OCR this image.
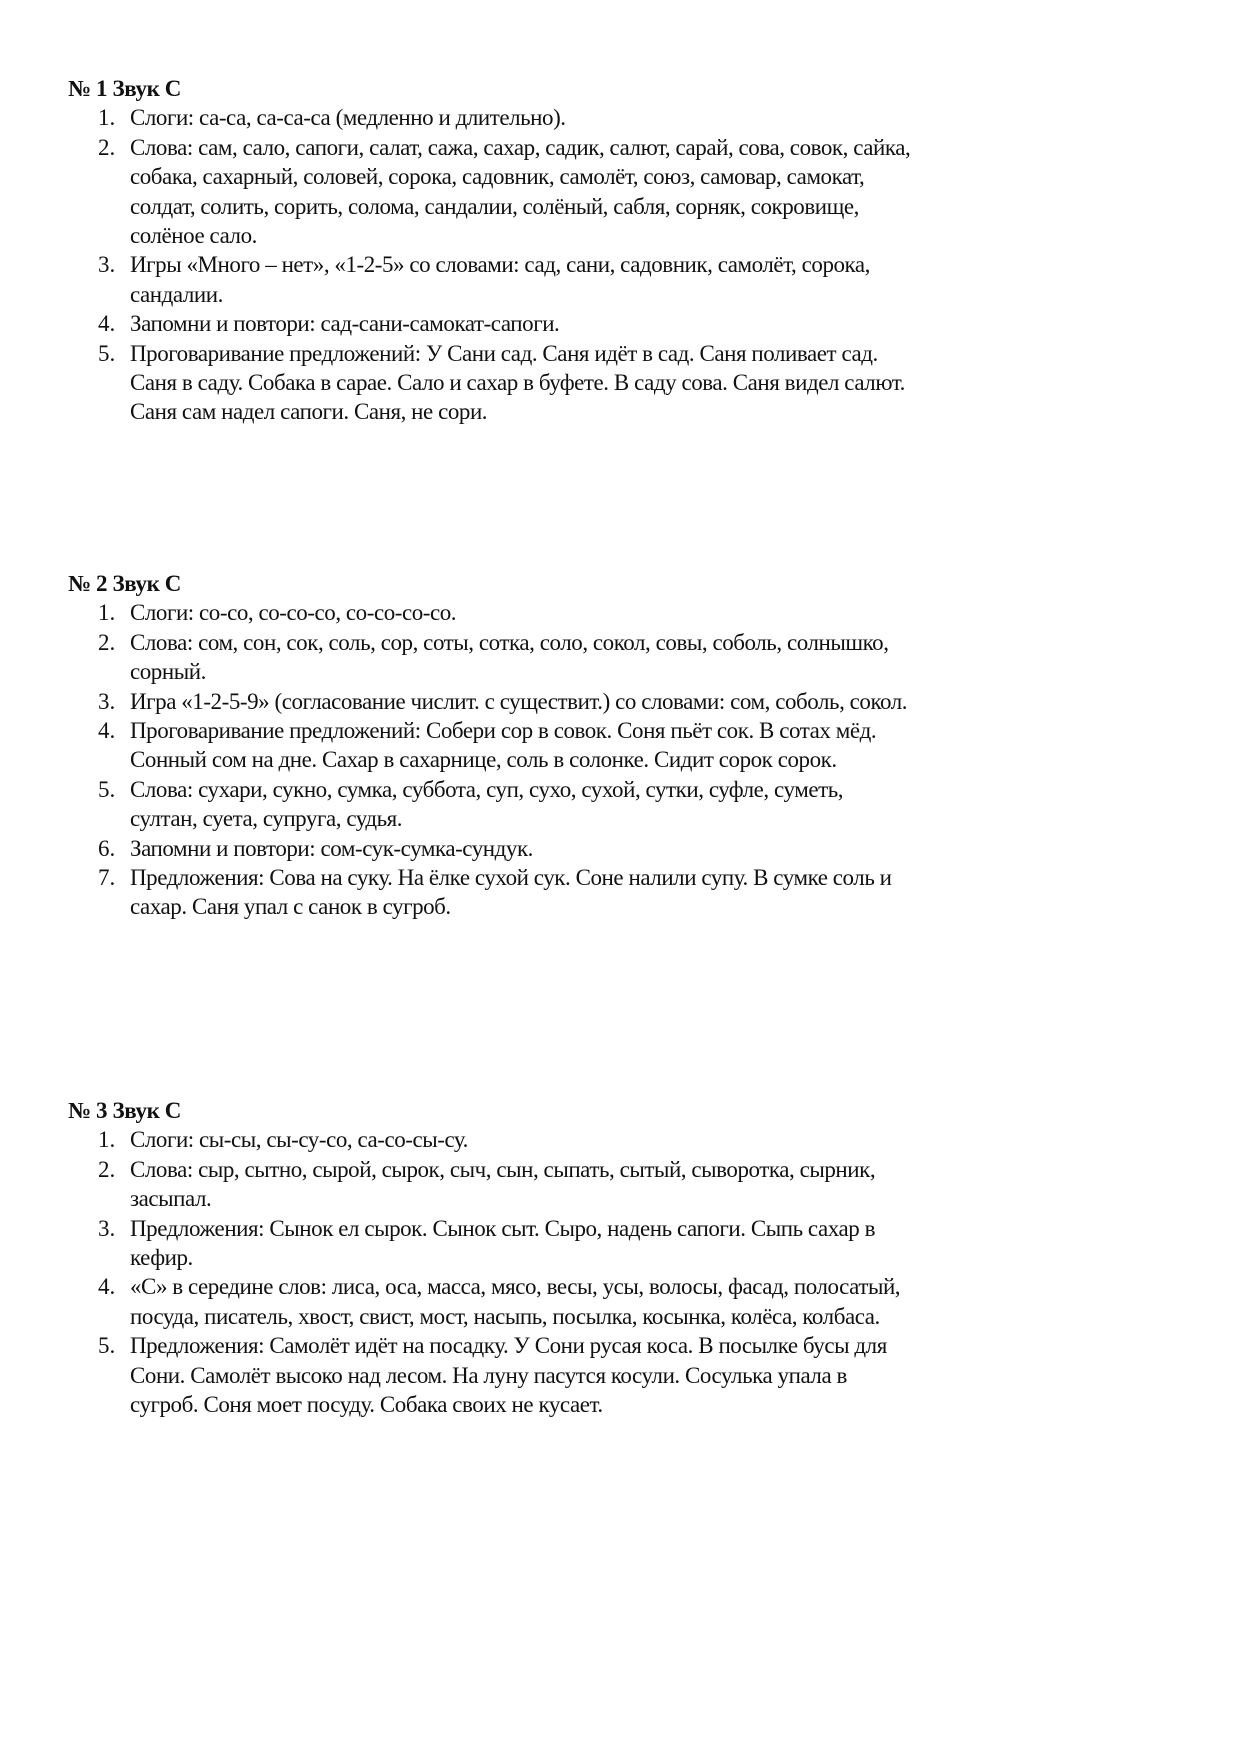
№ 1 Звук С
1. Слоги: са-са, са-са-са (медленно и длительно).
2. Слова: сам, сало, сапоги, салат, сажа, сахар, садик, салют, сарай, сова, совок, сайка,
собака, сахарный, соловей, сорока, садовник, самолёт, союз, самовар, самокат,
солдат, солить, сорить, солома, сандалии, солёный, сабля, сорняк, сокровище,
солёное сало.
3. Игры «Много – нет», «1-2-5» со словами: сад, сани, садовник, самолёт, сорока,
сандалии.
4. Запомни и повтори: сад-сани-самокат-сапоги.
5. Проговаривание предложений: У Сани сад. Саня идёт в сад. Саня поливает сад.
Саня в саду. Собака в сарае. Сало и сахар в буфете. В саду сова. Саня видел салют.
Саня сам надел сапоги. Саня, не сори.
№ 2 Звук С
1. Слоги: со-со, со-со-со, со-со-со-со.
2. Слова: сом, сон, сок, соль, сор, соты, сотка, соло, сокол, совы, соболь, солнышко,
сорный.
3. Игра «1-2-5-9» (согласование числит. с существит.) со словами: сом, соболь, сокол.
4. Проговаривание предложений: Собери сор в совок. Соня пьёт сок. В сотах мёд.
Сонный сом на дне. Сахар в сахарнице, соль в солонке. Сидит сорок сорок.
5. Слова: сухари, сукно, сумка, суббота, суп, сухо, сухой, сутки, суфле, суметь,
султан, суета, супруга, судья.
6. Запомни и повтори: сом-сук-сумка-сундук.
7. Предложения: Сова на суку. На ёлке сухой сук. Соне налили супу. В сумке соль и
сахар. Саня упал с санок в сугроб.
№ 3 Звук С
1. Слоги: сы-сы, сы-су-со, са-со-сы-су.
2. Слова: сыр, сытно, сырой, сырок, сыч, сын, сыпать, сытый, сыворотка, сырник,
засыпал.
3. Предложения: Сынок ел сырок. Сынок сыт. Сыро, надень сапоги. Сыпь сахар в
кефир.
4. «С» в середине слов: лиса, оса, масса, мясо, весы, усы, волосы, фасад, полосатый,
посуда, писатель, хвост, свист, мост, насыпь, посылка, косынка, колёса, колбаса.
5. Предложения: Самолёт идёт на посадку. У Сони русая коса. В посылке бусы для
Сони. Самолёт высоко над лесом. На луну пасутся косули. Сосулька упала в
сугроб. Соня моет посуду. Собака своих не кусает.
